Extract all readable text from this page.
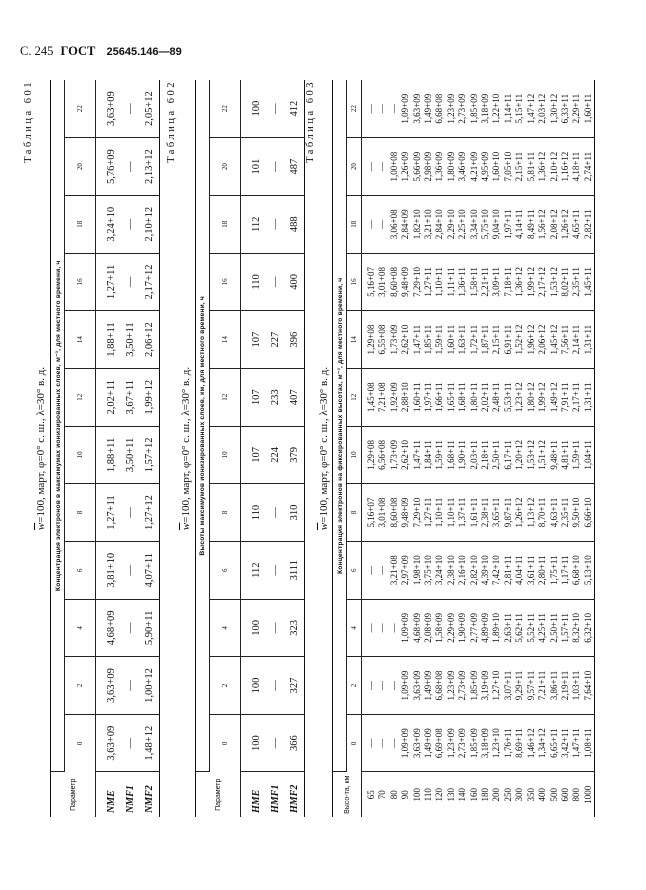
С. 245 ГОСТ 25645.146—89
Таблица 601
$\overline{w}=100$, март, φ=0° с. ш., λ=30° в. д.
Параметр	Концентрация электронов в максимумах ионизированных слоев, м⁻³, для местного времени, ч											
	0	2	4	6	8	10	12	14	16	18	20	22
NME	3,63+09	3,63+09	4,68+09	3,81+10	1,27+11	1,88+11	2,02+11	1,88+11	1,27+11	3,24+10	5,76+09	3,63+09
NMF1	—	—	—	—	—	3,50+11	3,67+11	3,50+11	—	—	—	—
NMF2	1,48+12	1,00+12	5,90+11	4,07+11	1,27+12	1,57+12	1,99+12	2,06+12	2,17+12	2,10+12	2,13+12	2,05+12 Таблица 602
$\overline{w}=100$, март, φ=0° с. ш., λ=30° в. д.
Параметр	Высоты максимумов ионизированных слоев, км, для местного времени, ч											
	0	2	4	6	8	10	12	14	16	18	20	22
HME	100	100	100	112	110	107	107	107	110	112	101	100
HMF1	—	—	—	—	—	224	233	227	—	—	—	—
HMF2	366	327	323	3111	310	379	407	396	400	488	487	412 Таблица 603
$\overline{w}=100$, март, φ=0° с. ш., λ=30° в. д.
Высо-та, км	Концентрация электронов на фиксированных высотах, м⁻³, для местного времени, ч											
	0	2	4	6	8	10	12	14	16	18	20	22
65	—	—	—	—	5,16+07	1,29+08	1,45+08	1,29+08	5,16+07	—	—	—
70	—	—	—	—	3,01+08	6,56+08	7,21+08	6,55+08	3,01+08	—	—	—
80	—	—	—	3,21+08	8,60+08	1,73+09	1,92+09	1,73+09	8,60+08	3,06+08	1,00+08	—
90	1,09+09	1,09+09	1,09+09	2,97+09	9,48+09	2,62+10	2,88+10	2,62+10	9,48+09	2,84+09	1,26+09	1,09+09
100	3,63+09	3,63+09	4,68+09	1,98+10	7,29+10	1,47+11	1,60+11	1,47+11	7,29+10	1,82+10	5,66+09	3,63+09
110	1,49+09	1,49+09	2,08+09	3,75+10	1,27+11	1,84+11	1,97+11	1,85+11	1,27+11	3,21+10	2,98+09	1,49+09
120	6,69+08	6,68+08	1,58+09	3,24+10	1,10+11	1,59+11	1,66+11	1,59+11	1,10+11	2,84+10	1,36+09	6,68+08
130	1,23+09	1,23+09	2,29+09	2,38+10	1,10+11	1,68+11	1,65+11	1,60+11	1,11+11	2,29+10	1,80+09	1,23+09
140	2,73+09	2,73+09	1,90+09	2,16+10	1,37+11	1,90+11	1,68+11	1,63+11	1,36+11	2,25+10	3,46+09	2,73+09
160	1,85+09	1,85+09	2,77+09	2,82+10	1,61+11	2,03+11	1,80+11	1,72+11	1,58+11	3,34+10	4,21+09	1,85+09
180	3,18+09	3,19+09	4,89+09	4,39+10	2,38+11	2,18+11	2,02+11	1,87+11	2,21+11	5,75+10	4,95+09	3,18+09
200	1,23+10	1,27+10	1,89+10	7,42+10	3,65+11	2,50+11	2,48+11	2,15+11	3,09+11	9,04+10	1,60+10	1,22+10
250	1,76+11	3,07+11	2,63+11	2,81+11	9,87+11	6,17+11	5,53+11	6,91+11	7,18+11	1,97+11	7,05+10	1,14+11
300	8,69+11	9,29+11	5,62+11	4,04+11	1,26+12	1,20+12	1,23+12	1,52+12	1,36+12	4,14+11	2,15+11	5,15+11
350	1,46+12	9,57+11	5,52+11	3,61+11	1,13+12	1,53+12	1,80+12	1,96+12	1,99+12	8,49+11	5,81+11	1,47+12
400	1,34+12	7,21+11	4,25+11	2,80+11	8,70+11	1,51+12	1,99+12	2,06+12	2,17+12	1,56+12	1,36+12	2,03+12
500	6,65+11	3,86+11	2,50+11	1,75+11	4,63+11	9,48+11	1,49+12	1,45+12	1,53+12	2,08+12	2,10+12	1,30+12
600	3,42+11	2,19+11	1,57+11	1,17+11	2,35+11	4,81+11	7,91+11	7,56+11	8,02+11	1,26+12	1,16+12	6,33+11
800	1,47+11	1,03+11	8,32+10	6,68+10	9,50+10	1,59+11	2,17+11	2,14+11	2,35+11	4,65+11	4,18+11	2,29+11
1000	1,08+11	7,64+10	6,32+10	5,13+10	6,66+10	1,04+11	1,31+11	1,31+11	1,45+11	2,82+11	2,74+11	1,60+11
